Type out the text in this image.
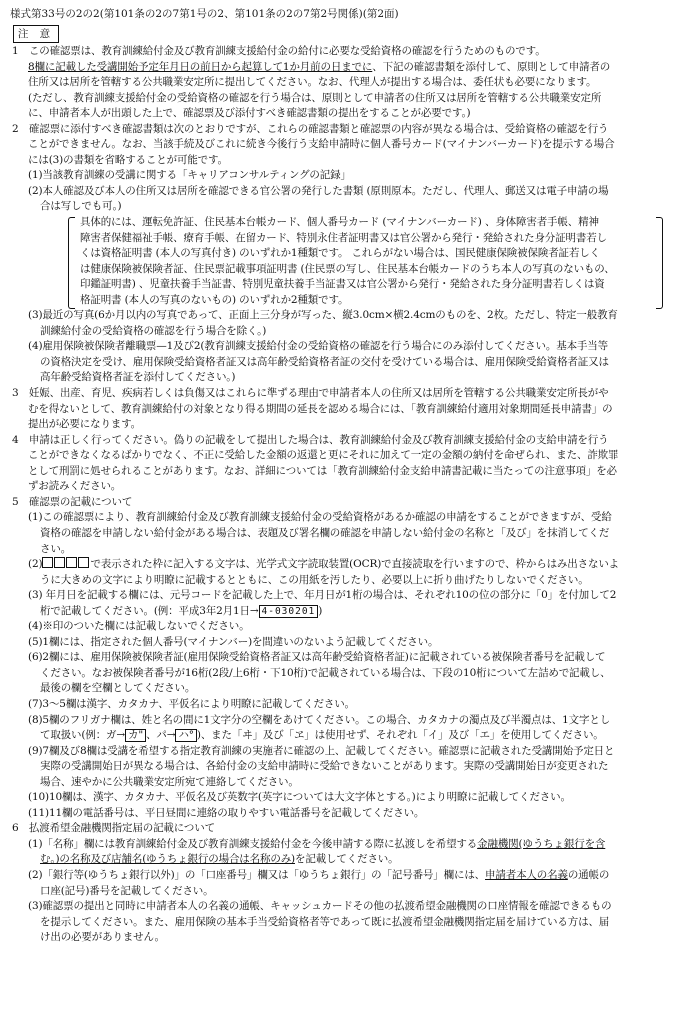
様式第33号の2の2(第101条の2の7第1号の2、第101条の2の7第2号関係)(第2面)
注 意
1　この確認票は、教育訓練給付金及び教育訓練支援給付金の給付に必要な受給資格の確認を行うためのものです。
8欄に記載した受講開始予定年月日の前日から起算して1か月前の日までに、下記の確認書類を添付して、原則として申請者の
住所又は居所を管轄する公共職業安定所に提出してください。なお、代理人が提出する場合は、委任状も必要になります。
(ただし、教育訓練支援給付金の受給資格の確認を行う場合は、原則として申請者の住所又は居所を管轄する公共職業安定所
に、申請者本人が出頭した上で、確認票及び添付すべき確認書類の提出をすることが必要です。)
2　確認票に添付すべき確認書類は次のとおりですが、これらの確認書類と確認票の内容が異なる場合は、受給資格の確認を行う
ことができません。なお、当該手続及びこれに続き今後行う支給申請時に個人番号カード(マイナンバーカード)を提示する場合
には(3)の書類を省略することが可能です。
(1)当該教育訓練の受講に関する「キャリアコンサルティングの記録」
(2)本人確認及び本人の住所又は居所を確認できる官公署の発行した書類 (原則原本。ただし、代理人、郵送又は電子申請の場
合は写しでも可。)
具体的には、運転免許証、住民基本台帳カード、個人番号カード (マイナンバーカード) 、身体障害者手帳、精神
障害者保健福祉手帳、療育手帳、在留カード、特別永住者証明書又は官公署から発行・発給された身分証明書若し
くは資格証明書 (本人の写真付き) のいずれか1種類です。 これらがない場合は、国民健康保険被保険者証若しく
は健康保険被保険者証、住民票記載事項証明書 (住民票の写し、住民基本台帳カードのうち本人の写真のないもの、
印鑑証明書) 、児童扶養手当証書、特別児童扶養手当証書又は官公署から発行・発給された身分証明書若しくは資
格証明書 (本人の写真のないもの) のいずれか2種類です。
(3)最近の写真(6か月以内の写真であって、正面上三分身が写った、縦3.0cm×横2.4cmのものを、2枚。ただし、特定一般教育
訓練給付金の受給資格の確認を行う場合を除く。)
(4)雇用保険被保険者離職票—1及び2(教育訓練支援給付金の受給資格の確認を行う場合にのみ添付してください。基本手当等
の資格決定を受け、雇用保険受給資格者証又は高年齢受給資格者証の交付を受けている場合は、雇用保険受給資格者証又は
高年齢受給資格者証を添付してください。)
3　妊娠、出産、育児、疾病若しくは負傷又はこれらに準ずる理由で申請者本人の住所又は居所を管轄する公共職業安定所長がや
むを得ないとして、教育訓練給付の対象となり得る期間の延長を認める場合には、「教育訓練給付適用対象期間延長申請書」の
提出が必要になります。
4　申請は正しく行ってください。偽りの記載をして提出した場合は、教育訓練給付金及び教育訓練支援給付金の支給申請を行う
ことができなくなるばかりでなく、不正に受給した金額の返還と更にそれに加えて一定の金額の納付を命ぜられ、また、詐欺罪
として刑罰に処せられることがあります。なお、詳細については「教育訓練給付金支給申請書記載に当たっての注意事項」を必
ずお読みください。
5　確認票の記載について
(1)この確認票により、教育訓練給付金及び教育訓練支援給付金の受給資格があるか確認の申請をすることができますが、受給
資格の確認を申請しない給付金がある場合は、表題及び署名欄の確認を申請しない給付金の名称と「及び」を抹消してくだ
さい。
(2)	で表示された枠に記入する文字は、光学式文字読取装置(OCR)で直接読取を行いますので、枠からはみ出さないよ
うに大きめの文字により明瞭に記載するとともに、この用紙を汚したり、必要以上に折り曲げたりしないでください。
(3) 年月日を記載する欄には、元号コードを記載した上で、年月日が1桁の場合は、それぞれ10の位の部分に「0」を付加して2
桁で記載してください。(例：平成3年2月1日→ 4-030201 )
(4)※印のついた欄には記載しないでください。
(5)1欄には、指定された個人番号(マイナンバー)を間違いのないよう記載してください。
(6)2欄には、雇用保険被保険者証(雇用保険受給資格者証又は高年齢受給資格者証)に記載されている被保険者番号を記載して
ください。なお被保険者番号が16桁(2段/上6桁・下10桁)で記載されている場合は、下段の10桁について左詰めで記載し、
最後の欄を空欄としてください。
(7)3～5欄は漢字、カタカナ、平仮名により明瞭に記載してください。
(8)5欄のフリガナ欄は、姓と名の間に1文字分の空欄をあけてください。この場合、カタカナの濁点及び半濁点は、1文字とし
て取扱い(例：ガ→ カ" 、パ→ ハ° )、また「ヰ」及び「ヱ」は使用せず、それぞれ「イ」及び「エ」を使用してください。
(9)7欄及び8欄は受講を希望する指定教育訓練の実施者に確認の上、記載してください。確認票に記載された受講開始予定日と
実際の受講開始日が異なる場合は、各給付金の支給申請時に受給できないことがあります。実際の受講開始日が変更された
場合、速やかに公共職業安定所宛て連絡してください。
(10)10欄は、漢字、カタカナ、平仮名及び英数字(英字については大文字体とする。)により明瞭に記載してください。
(11)11欄の電話番号は、平日昼間に連絡の取りやすい電話番号を記載してください。
6　払渡希望金融機関指定届の記載について
(1)「名称」欄には教育訓練給付金及び教育訓練支援給付金を今後申請する際に払渡しを希望する金融機関(ゆうちょ銀行を含
む。)の名称及び店舗名(ゆうちょ銀行の場合は名称のみ)を記載してください。
(2)「銀行等(ゆうちょ銀行以外)」の「口座番号」欄又は「ゆうちょ銀行」の「記号番号」欄には、申請者本人の名義の通帳の
口座(記号)番号を記載してください。
(3)確認票の提出と同時に申請者本人の名義の通帳、キャッシュカードその他の払渡希望金融機関の口座情報を確認できるもの
を提示してください。また、雇用保険の基本手当受給資格者等であって既に払渡希望金融機関指定届を届けている方は、届
け出の必要がありません。
